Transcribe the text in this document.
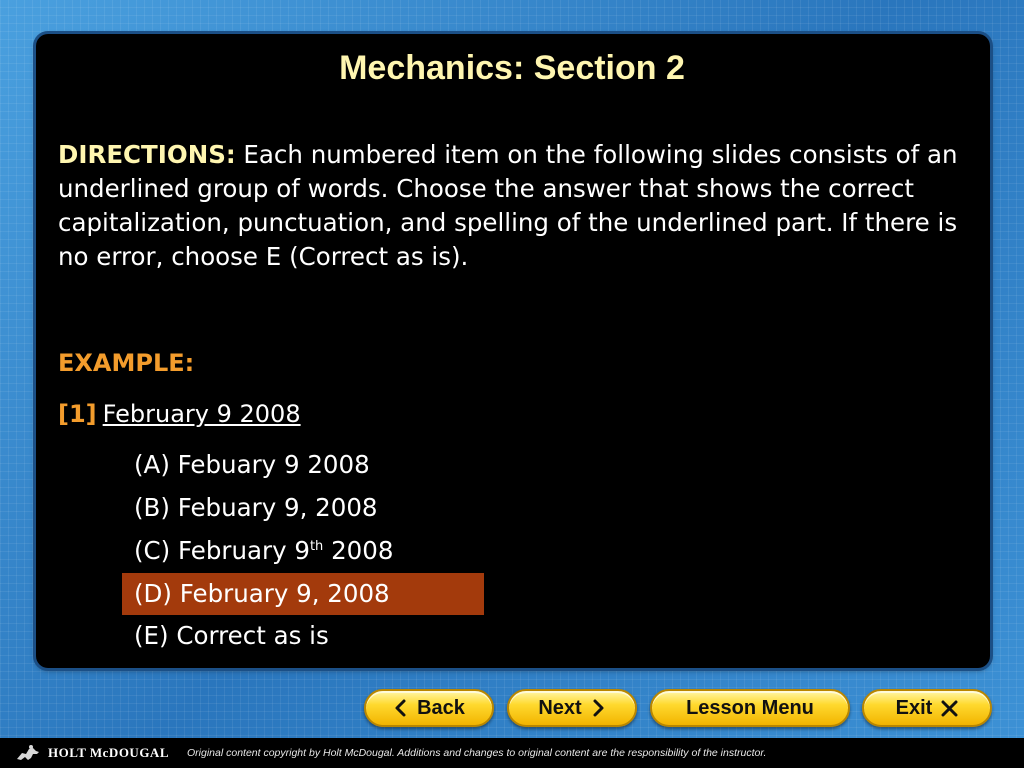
Mechanics: Section 2

DIRECTIONS: Each numbered item on the following slides consists of an underlined group of words. Choose the answer that shows the correct capitalization, punctuation, and spelling of the underlined part. If there is no error, choose E (Correct as is).

EXAMPLE:

[1] February 9 2008
(A) Febuary 9 2008
(B) Febuary 9, 2008
(C) February 9th 2008
(D) February 9, 2008
(E) Correct as is
Back	Next	Lesson Menu	Exit
HOLT McDOUGAL Original content copyright by Holt McDougal. Additions and changes to original content are the responsibility of the instructor.
